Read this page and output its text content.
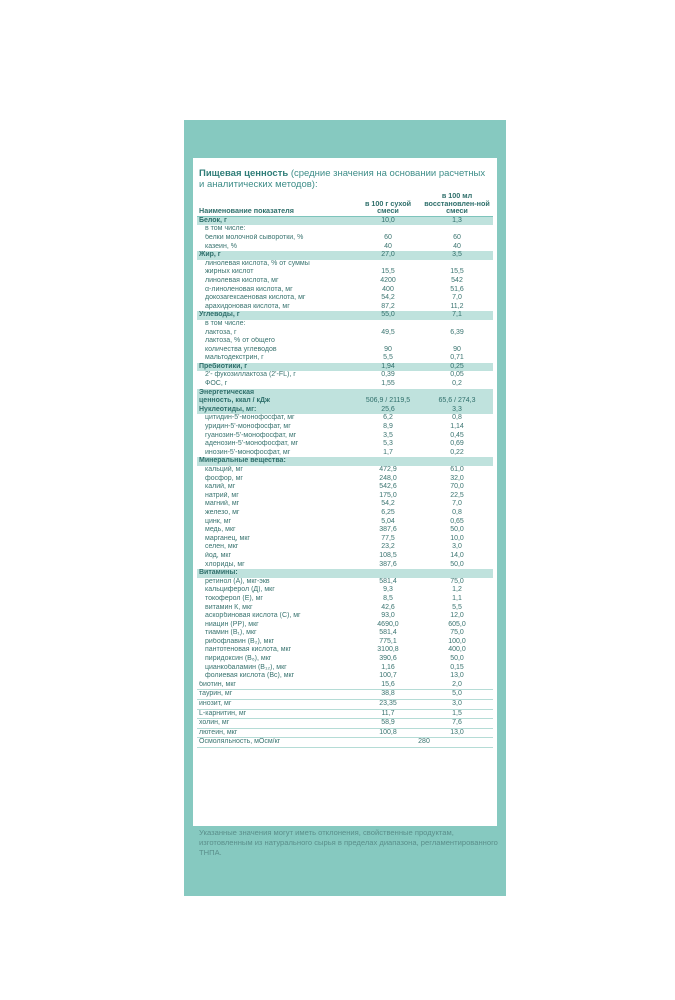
Пищевая ценность (средние значения на основании расчетных и аналитических методов):
Наименование показателя	в 100 г сухой смеси	в 100 мл восстановлен-ной смеси
Белок, г	10,0	1,3
в том числе:		
белки молочной сыворотки, %	60	60
казеин, %	40	40
Жир, г	27,0	3,5
линолевая кислота, % от суммы		
жирных кислот	15,5	15,5
линолевая кислота, мг	4200	542
α-линоленовая кислота, мг	400	51,6
докозагексаеновая кислота, мг	54,2	7,0
арахидоновая кислота, мг	87,2	11,2
Углеводы, г	55,0	7,1
в том числе:		
лактоза, г	49,5	6,39
лактоза, % от общего		
количества углеводов	90	90
мальтодекстрин, г	5,5	0,71
Пребиотики, г	1,94	0,25
2'- фукозиллактоза (2'-FL), г	0,39	0,05
ФОС, г	1,55	0,2
Энергетическая		
ценность, ккал / кДж	506,9 / 2119,5	65,6 / 274,3
Нуклеотиды, мг:	25,6	3,3
цитидин-5'-монофосфат, мг	6,2	0,8
уридин-5'-монофосфат, мг	8,9	1,14
гуанозин-5'-монофосфат, мг	3,5	0,45
аденозин-5'-монофосфат, мг	5,3	0,69
инозин-5'-монофосфат, мг	1,7	0,22
Минеральные вещества:		
кальций, мг	472,9	61,0
фосфор, мг	248,0	32,0
калий, мг	542,6	70,0
натрий, мг	175,0	22,5
магний, мг	54,2	7,0
железо, мг	6,25	0,8
цинк, мг	5,04	0,65
медь, мкг	387,6	50,0
марганец, мкг	77,5	10,0
селен, мкг	23,2	3,0
йод, мкг	108,5	14,0
хлориды, мг	387,6	50,0
Витамины:		
ретинол (А), мкг-экв	581,4	75,0
кальциферол (Д), мкг	9,3	1,2
токоферол (Е), мг	8,5	1,1
витамин К, мкг	42,6	5,5
аскорбиновая кислота (С), мг	93,0	12,0
ниацин (РР), мкг	4690,0	605,0
тиамин (В₁), мкг	581,4	75,0
рибофлавин (В₂), мкг	775,1	100,0
пантотеновая кислота, мкг	3100,8	400,0
пиридоксин (В₆), мкг	390,6	50,0
цианкобаламин (В₁₂), мкг	1,16	0,15
фолиевая кислота (Вс), мкг	100,7	13,0
биотин, мкг	15,6	2,0
таурин, мг	38,8	5,0
инозит, мг	23,35	3,0
L-карнитин, мг	11,7	1,5
холин, мг	58,9	7,6
лютеин, мкг	100,8	13,0
Осмоляльность, мОсм/кг	280	
Указанные значения могут иметь отклонения, свойственные продуктам, изготовленным из натурального сырья в пределах диапазона, регламентированного ТНПА.
